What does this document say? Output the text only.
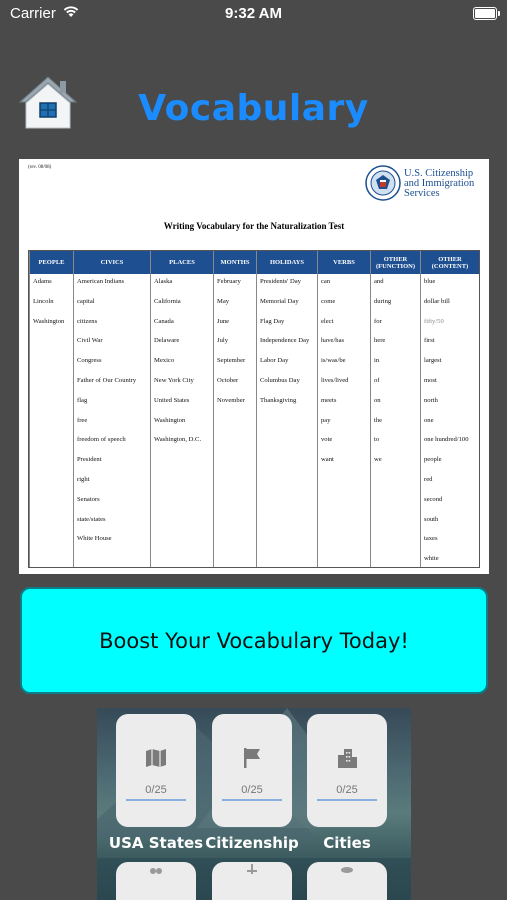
Carrier	9:32 AM
Vocabulary
(rev. 08/08)
U.S. Citizenship
and Immigration
Services
Writing Vocabulary for the Naturalization Test
PEOPLE
Adams
Lincoln
Washington
CIVICS
American Indians
capital
citizens
Civil War
Congress
Father of Our Country
flag
free
freedom of speech
President
right
Senators
state/states
White House
PLACES
Alaska
California
Canada
Delaware
Mexico
New York City
United States
Washington
Washington, D.C.
MONTHS
February
May
June
July
September
October
November
HOLIDAYS
Presidents' Day
Memorial Day
Flag Day
Independence Day
Labor Day
Columbus Day
Thanksgiving
VERBS
can
come
elect
have/has
is/was/be
lives/lived
meets
pay
vote
want
OTHER (FUNCTION)
and
during
for
here
in
of
on
the
to
we
OTHER (CONTENT)
blue
dollar bill
fifty/50
first
largest
most
north
one
one hundred/100
people
red
second
south
taxes
white
Boost Your Vocabulary Today!
0/25
USA States
0/25
Citizenship
0/25
Cities
